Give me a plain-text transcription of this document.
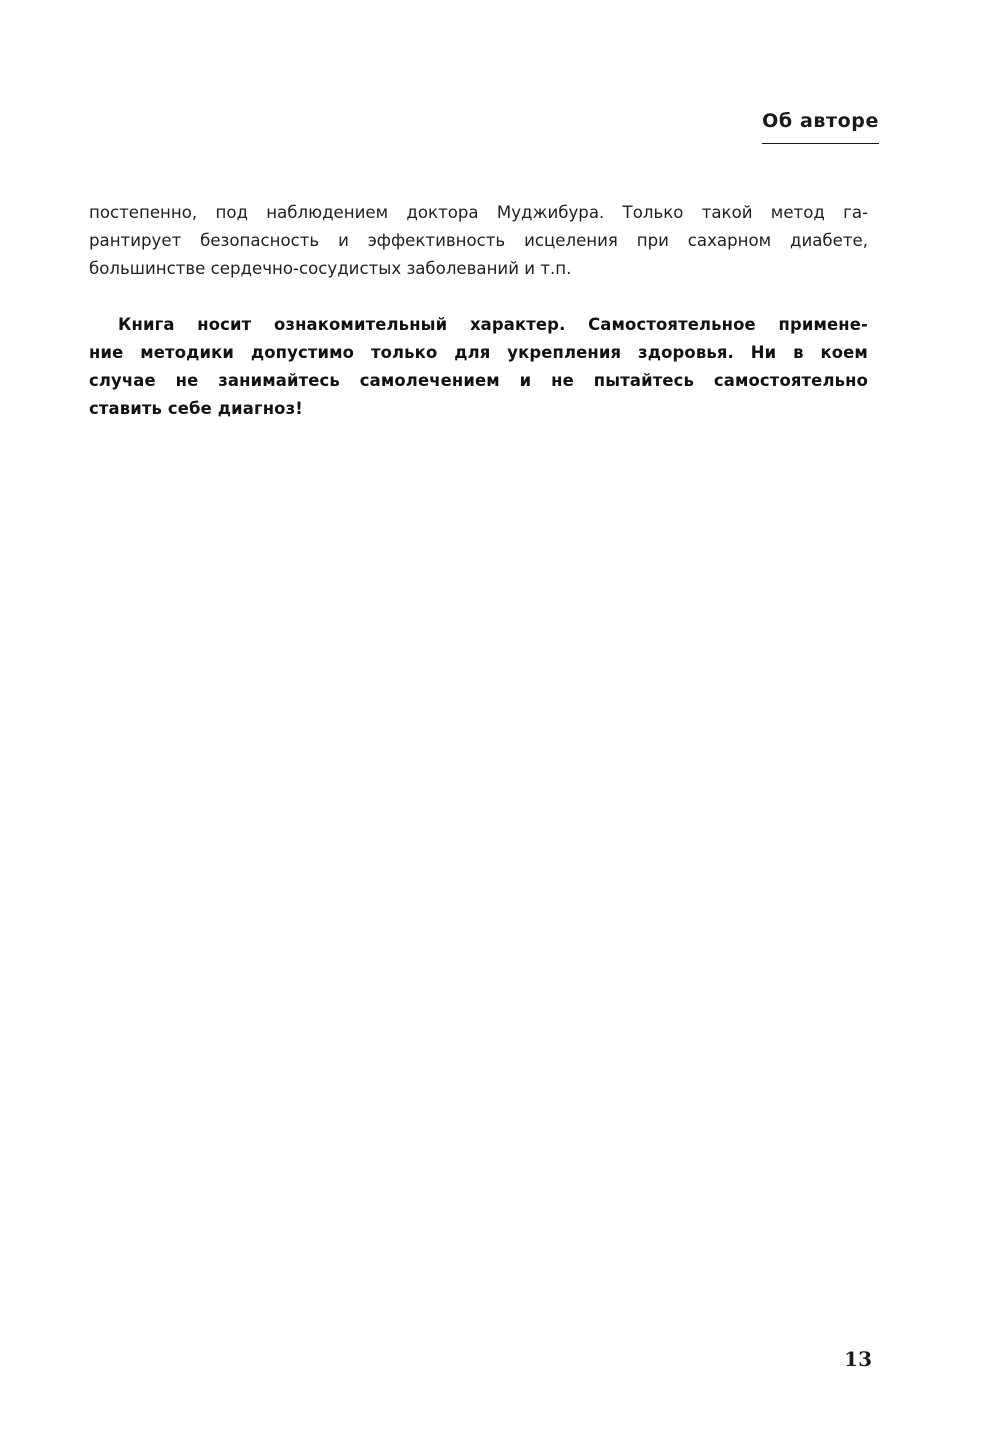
Об авторе

постепенно, под наблюдением доктора Муджибура. Только такой метод га-
рантирует безопасность и эффективность исцеления при сахарном диабете,
большинстве сердечно-сосудистых заболеваний и т.п.

Книга носит ознакомительный характер. Самостоятельное примене-
ние методики допустимо только для укрепления здоровья. Ни в коем
случае не занимайтесь самолечением и не пытайтесь самостоятельно
ставить себе диагноз!

13
